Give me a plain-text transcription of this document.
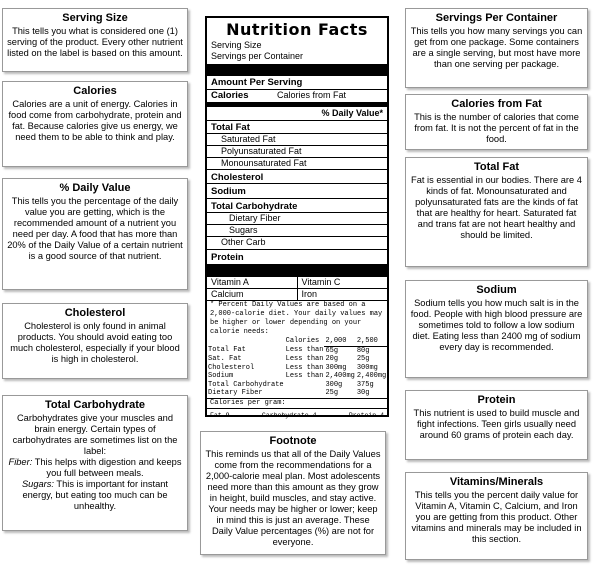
Serving Size

This tells you what is considered one (1) serving of the product. Every other nutrient listed on the label is based on this amount.

Calories

Calories are a unit of energy. Calories in food come from carbohydrate, protein and fat. Because calories give us energy, we need them to be able to think and play.

% Daily Value

This tells you the percentage of the daily value you are getting, which is the recommended amount of a nutrient you need per day. A food that has more than 20% of the Daily Value of a certain nutrient is a good source of that nutrient.

Cholesterol

Cholesterol is only found in animal products. You should avoid eating too much cholesterol, especially if your blood is high in cholesterol.

Total Carbohydrate

Carbohydrates give your muscles and brain energy. Certain types of carbohydrates are sometimes list on the label:
Fiber: This helps with digestion and keeps you full between meals.
Sugars: This is important for instant energy, but eating too much can be unhealthy.

Nutrition Facts
Serving Size
Servings per Container
Amount Per Serving
Calories	Calories from Fat
% Daily Value*
Total Fat
Saturated Fat
Polyunsaturated Fat
Monounsaturated Fat
Cholesterol
Sodium
Total Carbohydrate
Dietary Fiber
Sugars
Other Carb
Protein
Vitamin A	Vitamin C
Calcium	Iron
* Percent Daily Values are based on a 2,000-calorie diet. Your daily values may be higher or lower depending on your calorie needs:
	Calories	2,000	2,500
Total Fat	Less than	65g	80g
Sat. Fat	Less than	20g	25g
Cholesterol	Less than	300mg	300mg
Sodium	Less than	2,400mg	2,400mg
Total Carbohydrate		300g	375g
Dietary Fiber		25g	30g
Calories per gram:
Fat 9	Carbohydrate 4	Protein 4
Footnote

This reminds us that all of the Daily Values come from the recommendations for a 2,000-calorie meal plan. Most adolescents need more than this amount as they grow in height, build muscles, and stay active. Your needs may be higher or lower; keep in mind this is just an average. These Daily Value percentages (%) are not for everyone.

Servings Per Container

This tells you how many servings you can get from one package. Some containers are a single serving, but most have more than one serving per package.

Calories from Fat

This is the number of calories that come from fat. It is not the percent of fat in the food.

Total Fat

Fat is essential in our bodies. There are 4 kinds of fat. Monounsaturated and polyunsaturated fats are the kinds of fat that are healthy for heart. Saturated fat and trans fat are not heart healthy and should be limited.

Sodium

Sodium tells you how much salt is in the food. People with high blood pressure are sometimes told to follow a low sodium diet. Eating less than 2400 mg of sodium every day is recommended.

Protein

This nutrient is used to build muscle and fight infections. Teen girls usually need around 60 grams of protein each day.

Vitamins/Minerals

This tells you the percent daily value for Vitamin A, Vitamin C, Calcium, and Iron you are getting from this product. Other vitamins and minerals may be included in this section.
